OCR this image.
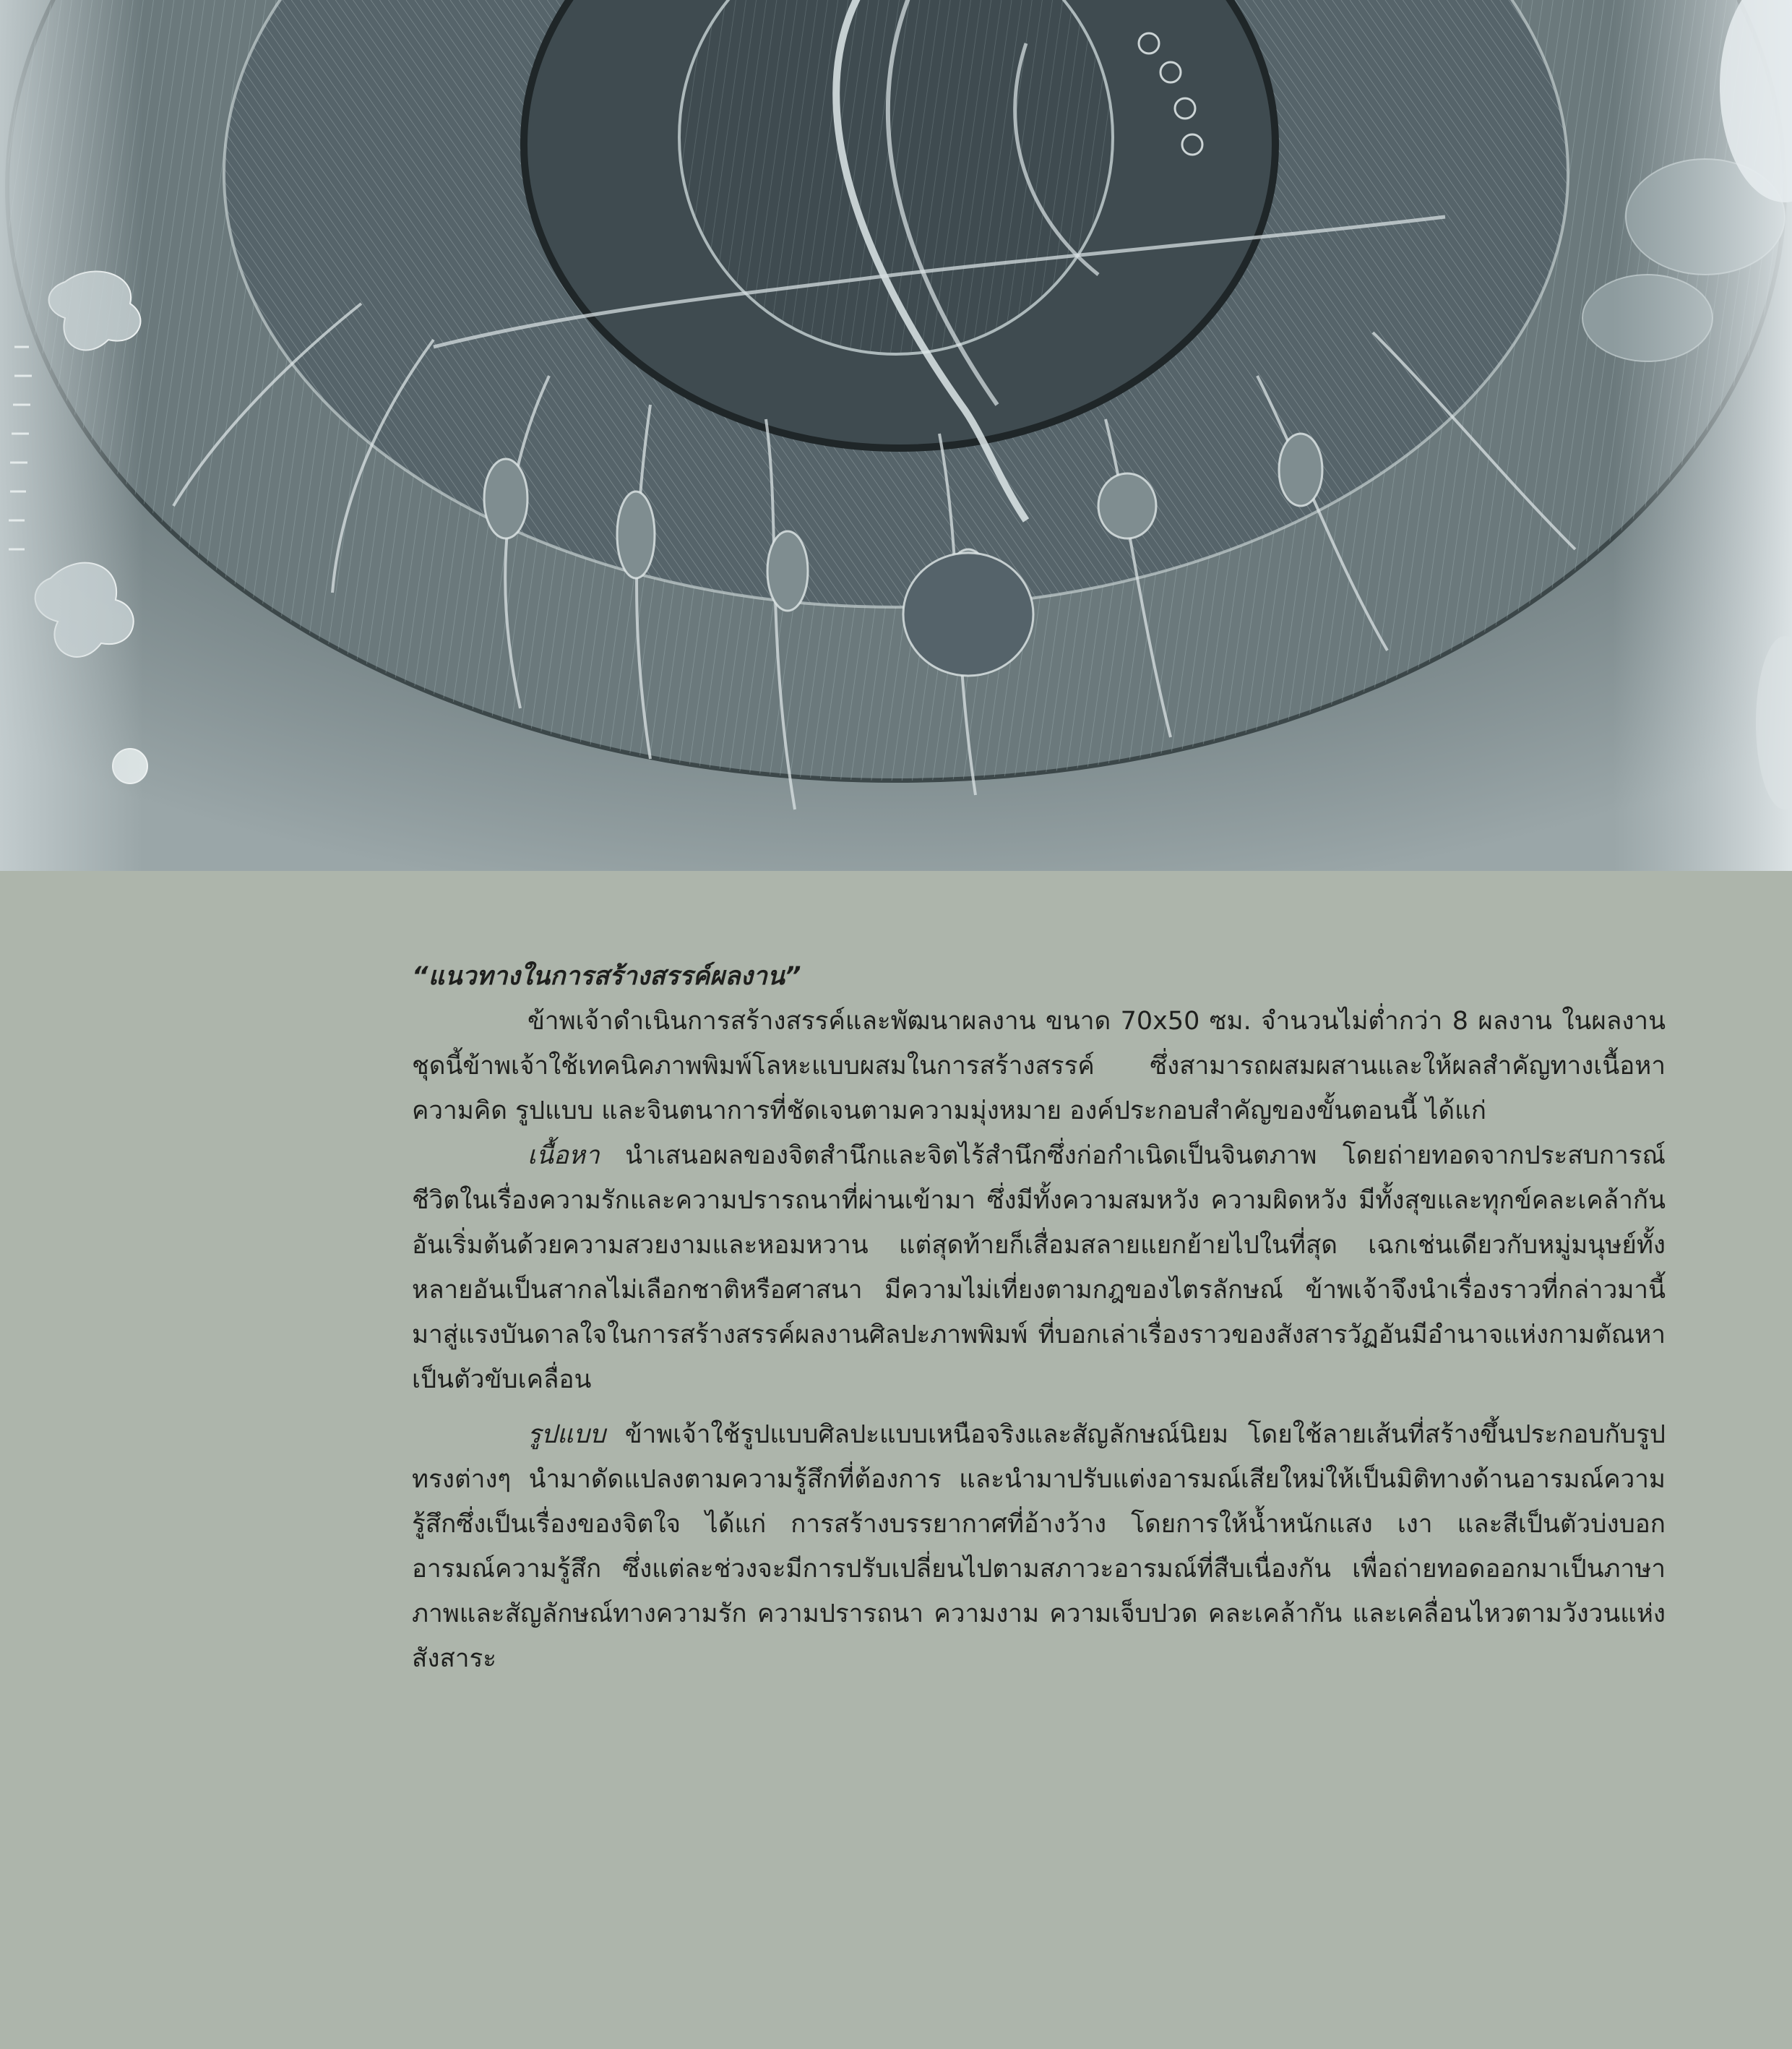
“แนวทางในการสร้างสรรค์ผลงาน”

ข้าพเจ้าดำเนินการสร้างสรรค์และพัฒนาผลงาน ขนาด 70x50 ซม. จำนวนไม่ต่ำกว่า 8 ผลงาน ในผลงานชุดนี้ข้าพเจ้าใช้เทคนิคภาพพิมพ์โลหะแบบผสมในการสร้างสรรค์ ซึ่งสามารถผสมผสานและให้ผลสำคัญทางเนื้อหา ความคิด รูปแบบ และจินตนาการที่ชัดเจนตามความมุ่งหมาย องค์ประกอบสำคัญของขั้นตอนนี้ ได้แก่

เนื้อหา นำเสนอผลของจิตสำนึกและจิตไร้สำนึกซึ่งก่อกำเนิดเป็นจินตภาพ โดยถ่ายทอดจากประสบการณ์ชีวิตในเรื่องความรักและความปรารถนาที่ผ่านเข้ามา ซึ่งมีทั้งความสมหวัง ความผิดหวัง มีทั้งสุขและทุกข์คละเคล้ากัน อันเริ่มต้นด้วยความสวยงามและหอมหวาน แต่สุดท้ายก็เสื่อมสลายแยกย้ายไปในที่สุด เฉกเช่นเดียวกับหมู่มนุษย์ทั้งหลายอันเป็นสากลไม่เลือกชาติหรือศาสนา มีความไม่เที่ยงตามกฎของไตรลักษณ์ ข้าพเจ้าจึงนำเรื่องราวที่กล่าวมานี้มาสู่แรงบันดาลใจในการสร้างสรรค์ผลงานศิลปะภาพพิมพ์ ที่บอกเล่าเรื่องราวของสังสารวัฏอันมีอำนาจแห่งกามตัณหาเป็นตัวขับเคลื่อน

รูปแบบ ข้าพเจ้าใช้รูปแบบศิลปะแบบเหนือจริงและสัญลักษณ์นิยม โดยใช้ลายเส้นที่สร้างขึ้นประกอบกับรูปทรงต่างๆ นำมาดัดแปลงตามความรู้สึกที่ต้องการ และนำมาปรับแต่งอารมณ์เสียใหม่ให้เป็นมิติทางด้านอารมณ์ความรู้สึกซึ่งเป็นเรื่องของจิตใจ ได้แก่ การสร้างบรรยากาศที่อ้างว้าง โดยการให้น้ำหนักแสง เงา และสีเป็นตัวบ่งบอกอารมณ์ความรู้สึก ซึ่งแต่ละช่วงจะมีการปรับเปลี่ยนไปตามสภาวะอารมณ์ที่สืบเนื่องกัน เพื่อถ่ายทอดออกมาเป็นภาษาภาพและสัญลักษณ์ทางความรัก ความปรารถนา ความงาม ความเจ็บปวด คละเคล้ากัน และเคลื่อนไหวตามวังวนแห่งสังสาระ
